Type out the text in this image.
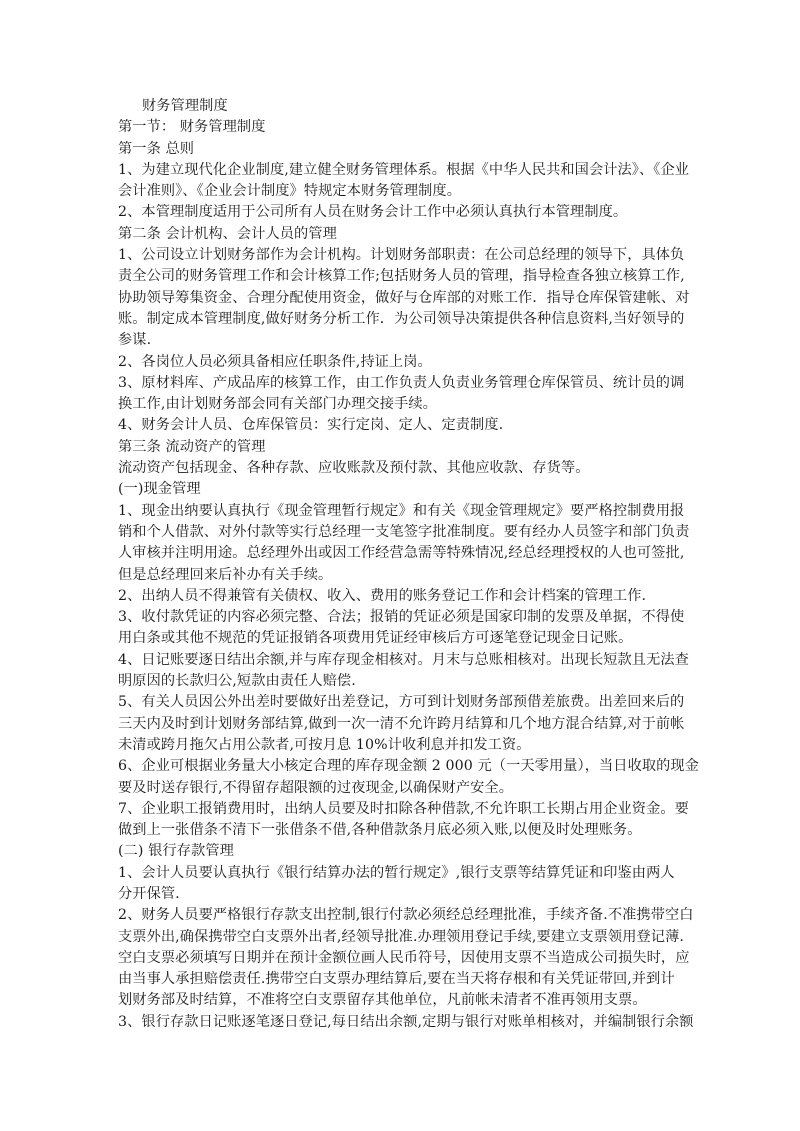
财务管理制度
第一节： 财务管理制度
第一条 总则
1、为建立现代化企业制度,建立健全财务管理体系。根据《中华人民共和国会计法》、《企业
会计准则》、《企业会计制度》特规定本财务管理制度。
2、本管理制度适用于公司所有人员在财务会计工作中必须认真执行本管理制度。
第二条 会计机构、会计人员的管理
1、公司设立计划财务部作为会计机构。计划财务部职责：在公司总经理的领导下，具体负
责全公司的财务管理工作和会计核算工作;包括财务人员的管理，指导检查各独立核算工作,
协助领导筹集资金、合理分配使用资金，做好与仓库部的对账工作．指导仓库保管建帐、对
账。制定成本管理制度,做好财务分析工作．为公司领导决策提供各种信息资料,当好领导的
参谋.
2、各岗位人员必须具备相应任职条件,持证上岗。
3、原材料库、产成品库的核算工作，由工作负责人负责业务管理仓库保管员、统计员的调
换工作,由计划财务部会同有关部门办理交接手续。
4、财务会计人员、仓库保管员：实行定岗、定人、定责制度.
第三条 流动资产的管理
流动资产包括现金、各种存款、应收账款及预付款、其他应收款、存货等。
(一)现金管理
1、现金出纳要认真执行《现金管理暂行规定》和有关《现金管理规定》要严格控制费用报
销和个人借款、对外付款等实行总经理一支笔签字批准制度。要有经办人员签字和部门负责
人审核并注明用途。总经理外出或因工作经营急需等特殊情况,经总经理授权的人也可签批,
但是总经理回来后补办有关手续。
2、出纳人员不得兼管有关债权、收入、费用的账务登记工作和会计档案的管理工作.
3、收付款凭证的内容必须完整、合法；报销的凭证必须是国家印制的发票及单据，不得使
用白条或其他不规范的凭证报销各项费用凭证经审核后方可逐笔登记现金日记账。
4、日记账要逐日结出余额,并与库存现金相核对。月末与总账相核对。出现长短款且无法查
明原因的长款归公,短款由责任人赔偿.
5、有关人员因公外出差时要做好出差登记，方可到计划财务部预借差旅费。出差回来后的
三天内及时到计划财务部结算,做到一次一清不允许跨月结算和几个地方混合结算,对于前帐
未清或跨月拖欠占用公款者,可按月息 10%计收利息并扣发工资。
6、企业可根据业务量大小核定合理的库存现金额 2 000 元（一天零用量），当日收取的现金
要及时送存银行,不得留存超限额的过夜现金,以确保财产安全。
7、企业职工报销费用时，出纳人员要及时扣除各种借款,不允许职工长期占用企业资金。要
做到上一张借条不清下一张借条不借,各种借款条月底必须入账,以便及时处理账务。
(二) 银行存款管理
1、会计人员要认真执行《银行结算办法的暂行规定》,银行支票等结算凭证和印鉴由两人
分开保管.
2、财务人员要严格银行存款支出控制,银行付款必须经总经理批准，手续齐备.不准携带空白
支票外出,确保携带空白支票外出者,经领导批准.办理领用登记手续,要建立支票领用登记薄.
空白支票必须填写日期并在预计金额位画人民币符号，因使用支票不当造成公司损失时，应
由当事人承担赔偿责任.携带空白支票办理结算后,要在当天将存根和有关凭证带回,并到计
划财务部及时结算，不准将空白支票留存其他单位，凡前帐未清者不准再领用支票。
3、银行存款日记账逐笔逐日登记,每日结出余额,定期与银行对账单相核对，并编制银行余额
